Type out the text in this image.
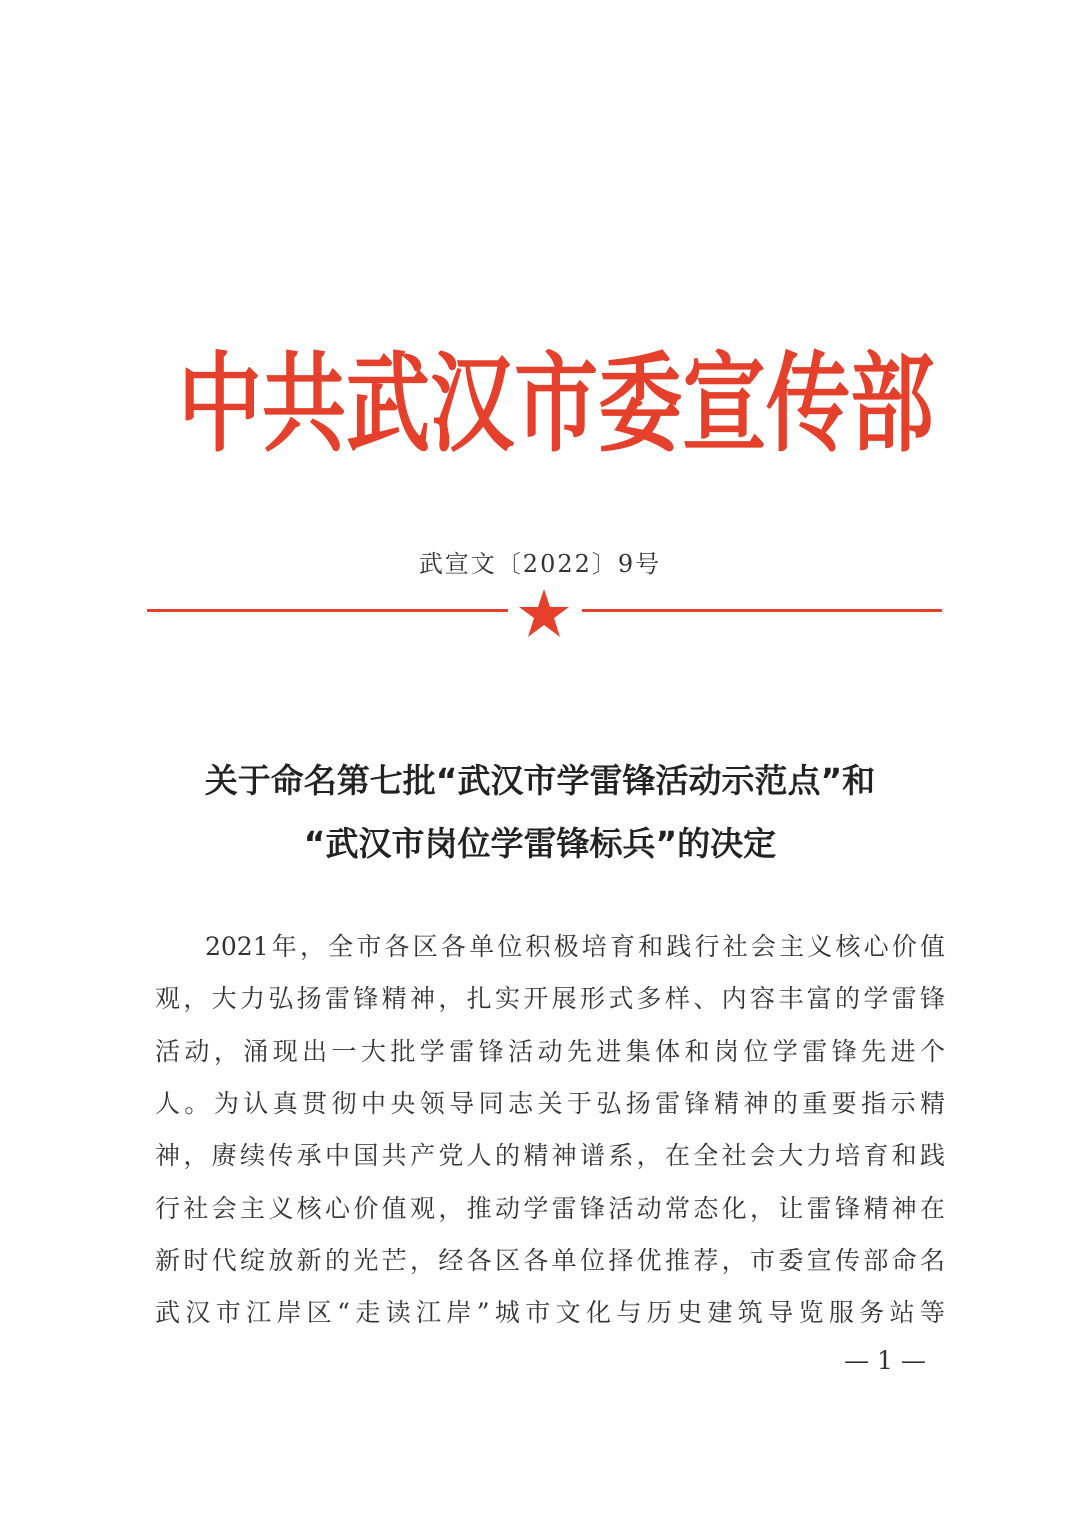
中 共 武 汉 市 委 宣 传 部
武宣文〔2022〕9号
关于命名第七批“武汉市学雷锋活动示范点”和
“武汉市岗位学雷锋标兵”的决定
2021年，全市各区各单位积极培育和践行社会主义核心价值
观，大力弘扬雷锋精神，扎实开展形式多样、内容丰富的学雷锋
活动，涌现出一大批学雷锋活动先进集体和岗位学雷锋先进个
人。为认真贯彻中央领导同志关于弘扬雷锋精神的重要指示精
神，赓续传承中国共产党人的精神谱系，在全社会大力培育和践
行社会主义核心价值观，推动学雷锋活动常态化，让雷锋精神在
新时代绽放新的光芒，经各区各单位择优推荐，市委宣传部命名
武汉市江岸区“走读江岸”城市文化与历史建筑导览服务站等
— 1 —
